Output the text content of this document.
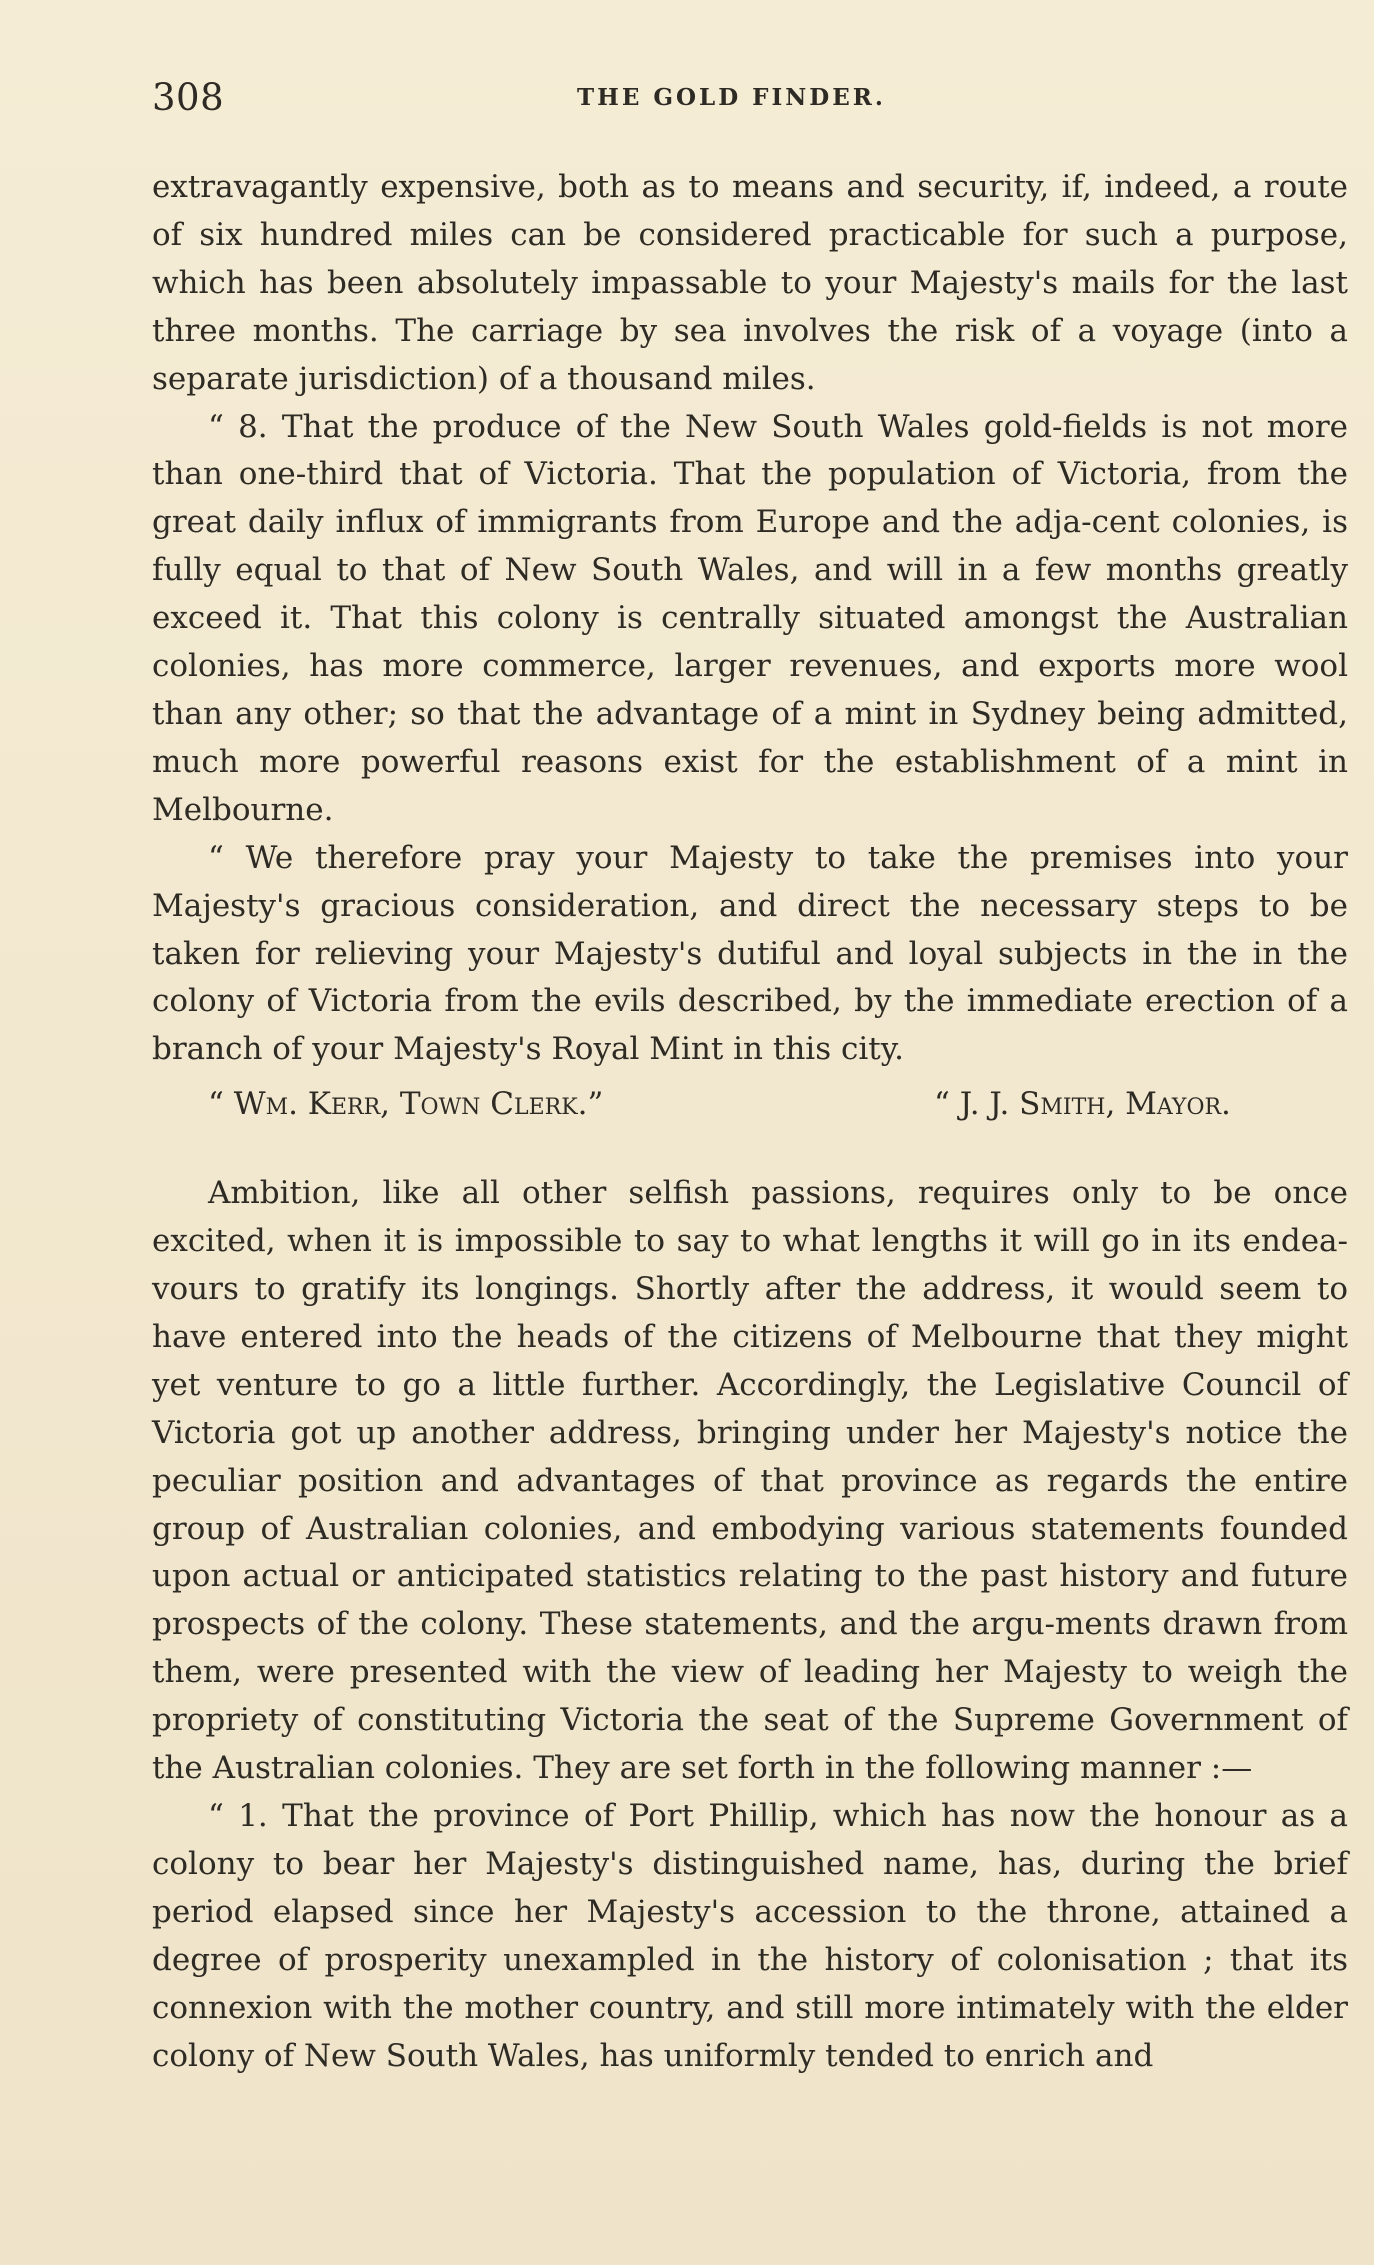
308	THE GOLD FINDER.

extravagantly expensive, both as to means and security, if, indeed, a route of six hundred miles can be considered practicable for such a purpose, which has been absolutely impassable to your Majesty's mails for the last three months. The carriage by sea involves the risk of a voyage (into a separate jurisdiction) of a thousand miles.

“ 8. That the produce of the New South Wales gold-fields is not more than one-third that of Victoria. That the population of Victoria, from the great daily influx of immigrants from Europe and the adja-cent colonies, is fully equal to that of New South Wales, and will in a few months greatly exceed it. That this colony is centrally situated amongst the Australian colonies, has more commerce, larger revenues, and exports more wool than any other; so that the advantage of a mint in Sydney being admitted, much more powerful reasons exist for the establishment of a mint in Melbourne.

“ We therefore pray your Majesty to take the premises into your Majesty's gracious consideration, and direct the necessary steps to be taken for relieving your Majesty's dutiful and loyal subjects in the in the colony of Victoria from the evils described, by the immediate erection of a branch of your Majesty's Royal Mint in this city.

“ Wm. Kerr, Town Clerk.”	“ J. J. Smith, Mayor.

Ambition, like all other selfish passions, requires only to be once excited, when it is impossible to say to what lengths it will go in its endea-vours to gratify its longings. Shortly after the address, it would seem to have entered into the heads of the citizens of Melbourne that they might yet venture to go a little further. Accordingly, the Legislative Council of Victoria got up another address, bringing under her Majesty's notice the peculiar position and advantages of that province as regards the entire group of Australian colonies, and embodying various statements founded upon actual or anticipated statistics relating to the past history and future prospects of the colony. These statements, and the argu-ments drawn from them, were presented with the view of leading her Majesty to weigh the propriety of constituting Victoria the seat of the Supreme Government of the Australian colonies. They are set forth in the following manner :—

“ 1. That the province of Port Phillip, which has now the honour as a colony to bear her Majesty's distinguished name, has, during the brief period elapsed since her Majesty's accession to the throne, attained a degree of prosperity unexampled in the history of colonisation ; that its connexion with the mother country, and still more intimately with the elder colony of New South Wales, has uniformly tended to enrich and
